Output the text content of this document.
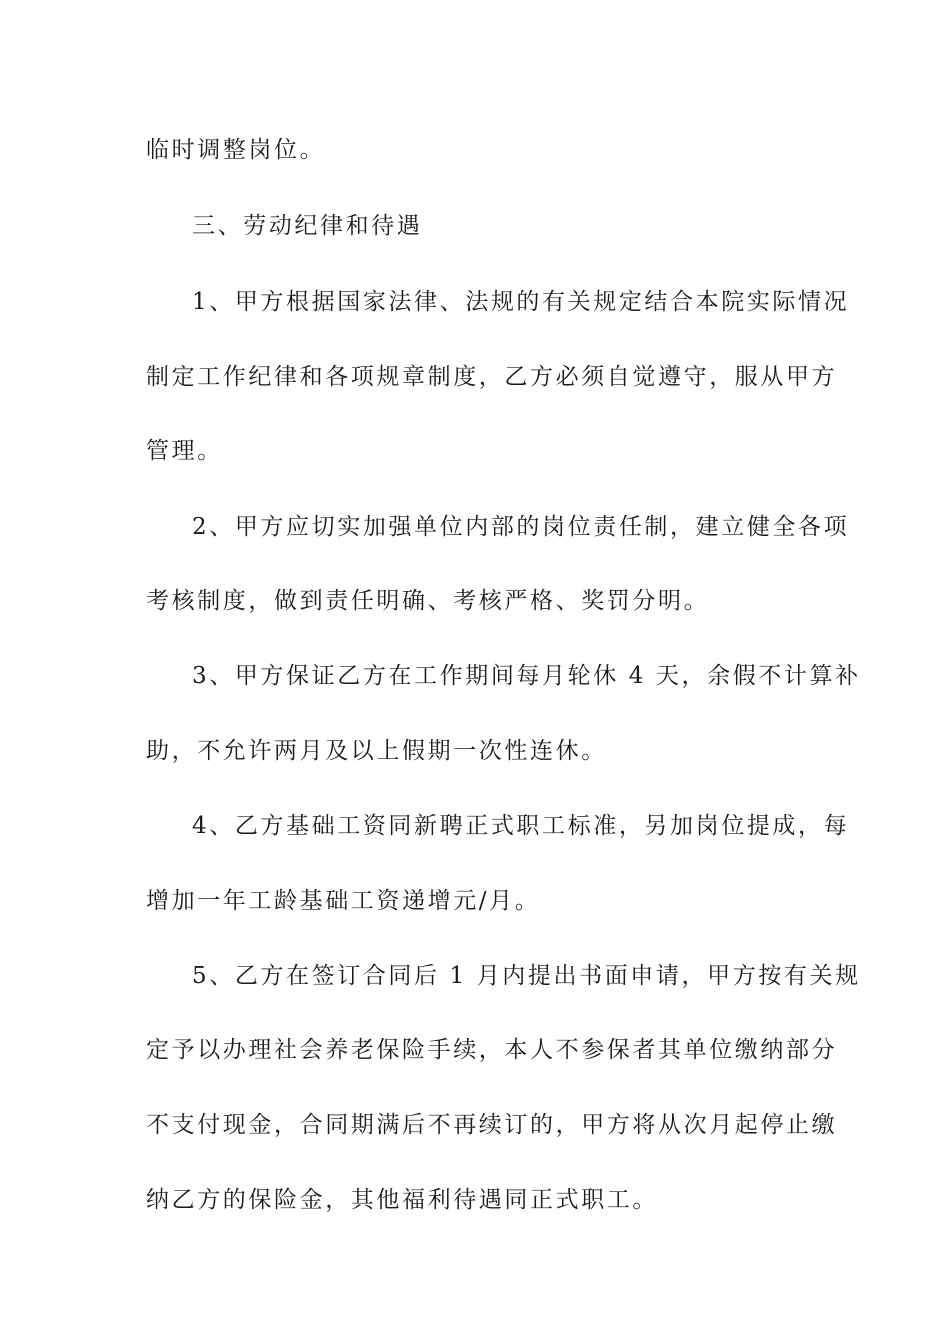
临时调整岗位。
三、劳动纪律和待遇
1、甲方根据国家法律、法规的有关规定结合本院实际情况
制定工作纪律和各项规章制度，乙方必须自觉遵守，服从甲方
管理。
2、甲方应切实加强单位内部的岗位责任制，建立健全各项
考核制度，做到责任明确、考核严格、奖罚分明。
3、甲方保证乙方在工作期间每月轮休 4 天，余假不计算补
助，不允许两月及以上假期一次性连休。
4、乙方基础工资同新聘正式职工标准，另加岗位提成，每
增加一年工龄基础工资递增元/月。
5、乙方在签订合同后 1 月内提出书面申请，甲方按有关规
定予以办理社会养老保险手续，本人不参保者其单位缴纳部分
不支付现金，合同期满后不再续订的，甲方将从次月起停止缴
纳乙方的保险金，其他福利待遇同正式职工。
